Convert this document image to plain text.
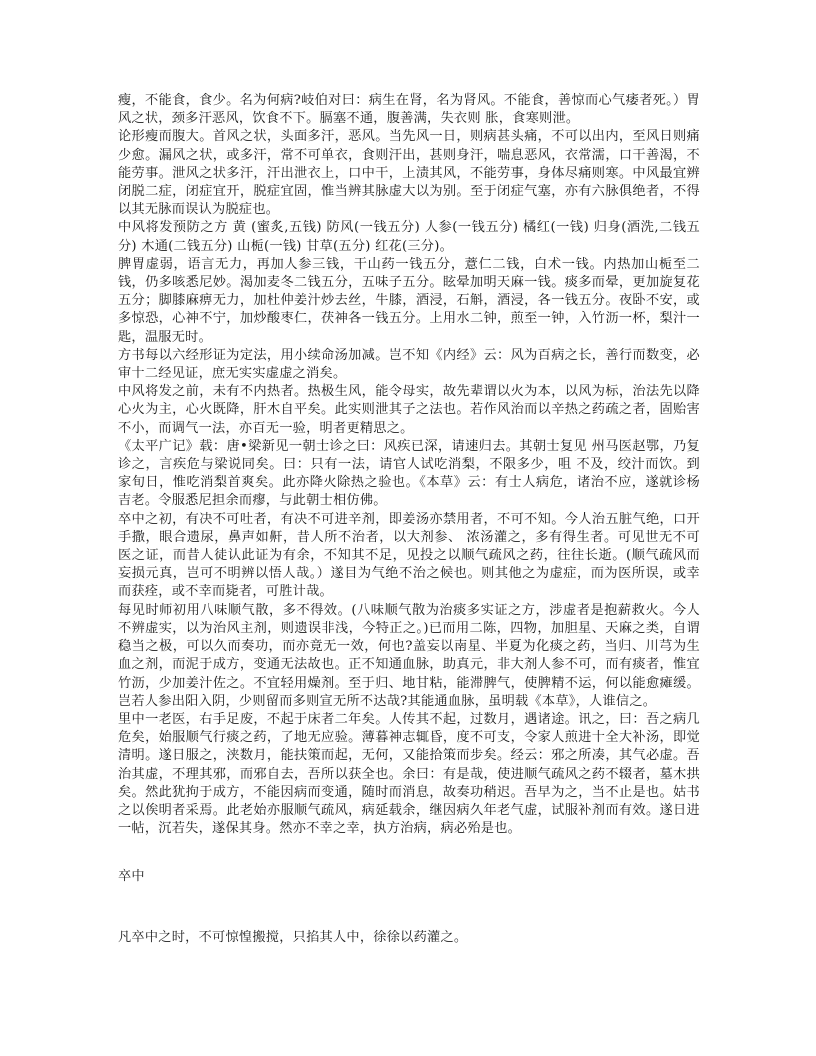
瘦，不能食，食少。名为何病?岐伯对曰：病生在肾，名为肾风。不能食，善惊而心气痿者死。）胃风之状，颈多汗恶风，饮食不下。膈塞不通，腹善满，失衣则 胀，食寒则泄。

论形瘦而腹大。首风之状，头面多汗，恶风。当先风一日，则病甚头痛，不可以出内，至风日则痛少愈。漏风之状，或多汗，常不可单衣，食则汗出，甚则身汗，喘息恶风，衣常濡，口干善渴，不能劳事。泄风之状多汗，汗出泄衣上，口中干，上渍其风，不能劳事，身体尽痛则寒。中风最宜辨闭脱二症，闭症宜开，脱症宜固，惟当辨其脉虚大以为别。至于闭症气塞，亦有六脉俱绝者，不得以其无脉而误认为脱症也。

中风将发预防之方 黄 (蜜炙,五钱) 防风(一钱五分) 人参(一钱五分) 橘红(一钱) 归身(酒洗,二钱五分) 木通(二钱五分) 山栀(一钱) 甘草(五分) 红花(三分)。

脾胃虚弱，语言无力，再加人参三钱，干山药一钱五分，薏仁二钱，白术一钱。内热加山栀至二钱，仍多咳悉尼妙。渴加麦冬二钱五分，五味子五分。眩晕加明天麻一钱。痰多而晕，更加旋复花五分；脚膝麻痹无力，加杜仲姜汁炒去丝，牛膝，酒浸，石斛，酒浸，各一钱五分。夜卧不安，或多惊恐，心神不宁，加炒酸枣仁，茯神各一钱五分。上用水二钟，煎至一钟，入竹沥一杯，梨汁一匙，温服无时。

方书每以六经形证为定法，用小续命汤加减。岂不知《内经》云：风为百病之长，善行而数变，必审十二经见证，庶无实实虚虚之消矣。

中风将发之前，未有不内热者。热极生风，能令母实，故先辈谓以火为本，以风为标，治法先以降心火为主，心火既降，肝木自平矣。此实则泄其子之法也。若作风治而以辛热之药疏之者，固贻害不小，而调气一法，亦百无一验，明者更精思之。

《太平广记》载：唐•梁新见一朝士诊之曰：风疾已深，请速归去。其朝士复见 州马医赵鄂，乃复诊之，言疾危与梁说同矣。曰：只有一法，请官人试吃消梨，不限多少，咀 不及，绞汁而饮。到家旬日，惟吃消梨首爽矣。此亦降火除热之验也。《本草》云：有士人病危，诸治不应，遂就诊杨吉老。令服悉尼担余而瘳，与此朝士相仿佛。

卒中之初，有决不可吐者，有决不可进辛剂，即姜汤亦禁用者，不可不知。今人治五脏气绝，口开手撒，眼合遗尿，鼻声如鼾，昔人所不治者，以大剂参、 浓汤灌之，多有得生者。可见世无不可医之证，而昔人徒认此证为有余，不知其不足，见投之以顺气疏风之药，往往长逝。(顺气疏风而妄损元真，岂可不明辨以悟人哉。）遂目为气绝不治之候也。则其他之为虚症，而为医所误，或幸而获痊，或不幸而毙者，可胜计哉。

每见时师初用八味顺气散，多不得效。(八味顺气散为治痰多实证之方，涉虚者是抱薪救火。今人不辨虚实，以为治风主剂，则遗误非浅，今特正之。)已而用二陈，四物，加胆星、天麻之类，自谓稳当之极，可以久而奏功，而亦竟无一效，何也?盖妄以南星、半夏为化痰之药，当归、川芎为生血之剂，而泥于成方，变通无法故也。正不知通血脉，助真元，非大剂人参不可，而有痰者，惟宜竹沥，少加姜汁佐之。不宜轻用燥剂。至于归、地甘粘，能滞脾气，使脾精不运，何以能愈瘫缓。岂若人参出阳入阴，少则留而多则宣无所不达哉?其能通血脉，虽明载《本草》，人谁信之。

里中一老医，右手足废，不起于床者二年矣。人传其不起，过数月，遇诸途。讯之，曰：吾之病几危矣，始服顺气行痰之药，了地无应验。薄暮神志辄昏，度不可支，令家人煎进十全大补汤，即觉清明。遂日服之，浃数月，能扶策而起，无何，又能拾策而步矣。经云：邪之所凑，其气必虚。吾治其虚，不理其邪，而邪自去，吾所以获全也。余曰：有是哉，使进顺气疏风之药不辍者，墓木拱矣。然此犹拘于成方，不能因病而变通，随时而消息，故奏功稍迟。吾早为之，当不止是也。姑书之以俟明者采焉。此老始亦服顺气疏风，病延载余，继因病久年老气虚，试服补剂而有效。遂日进一帖，沉若失，遂保其身。然亦不幸之幸，执方治病，病必殆是也。

卒中

凡卒中之时，不可惊惶搬搅，只掐其人中，徐徐以药灌之。
